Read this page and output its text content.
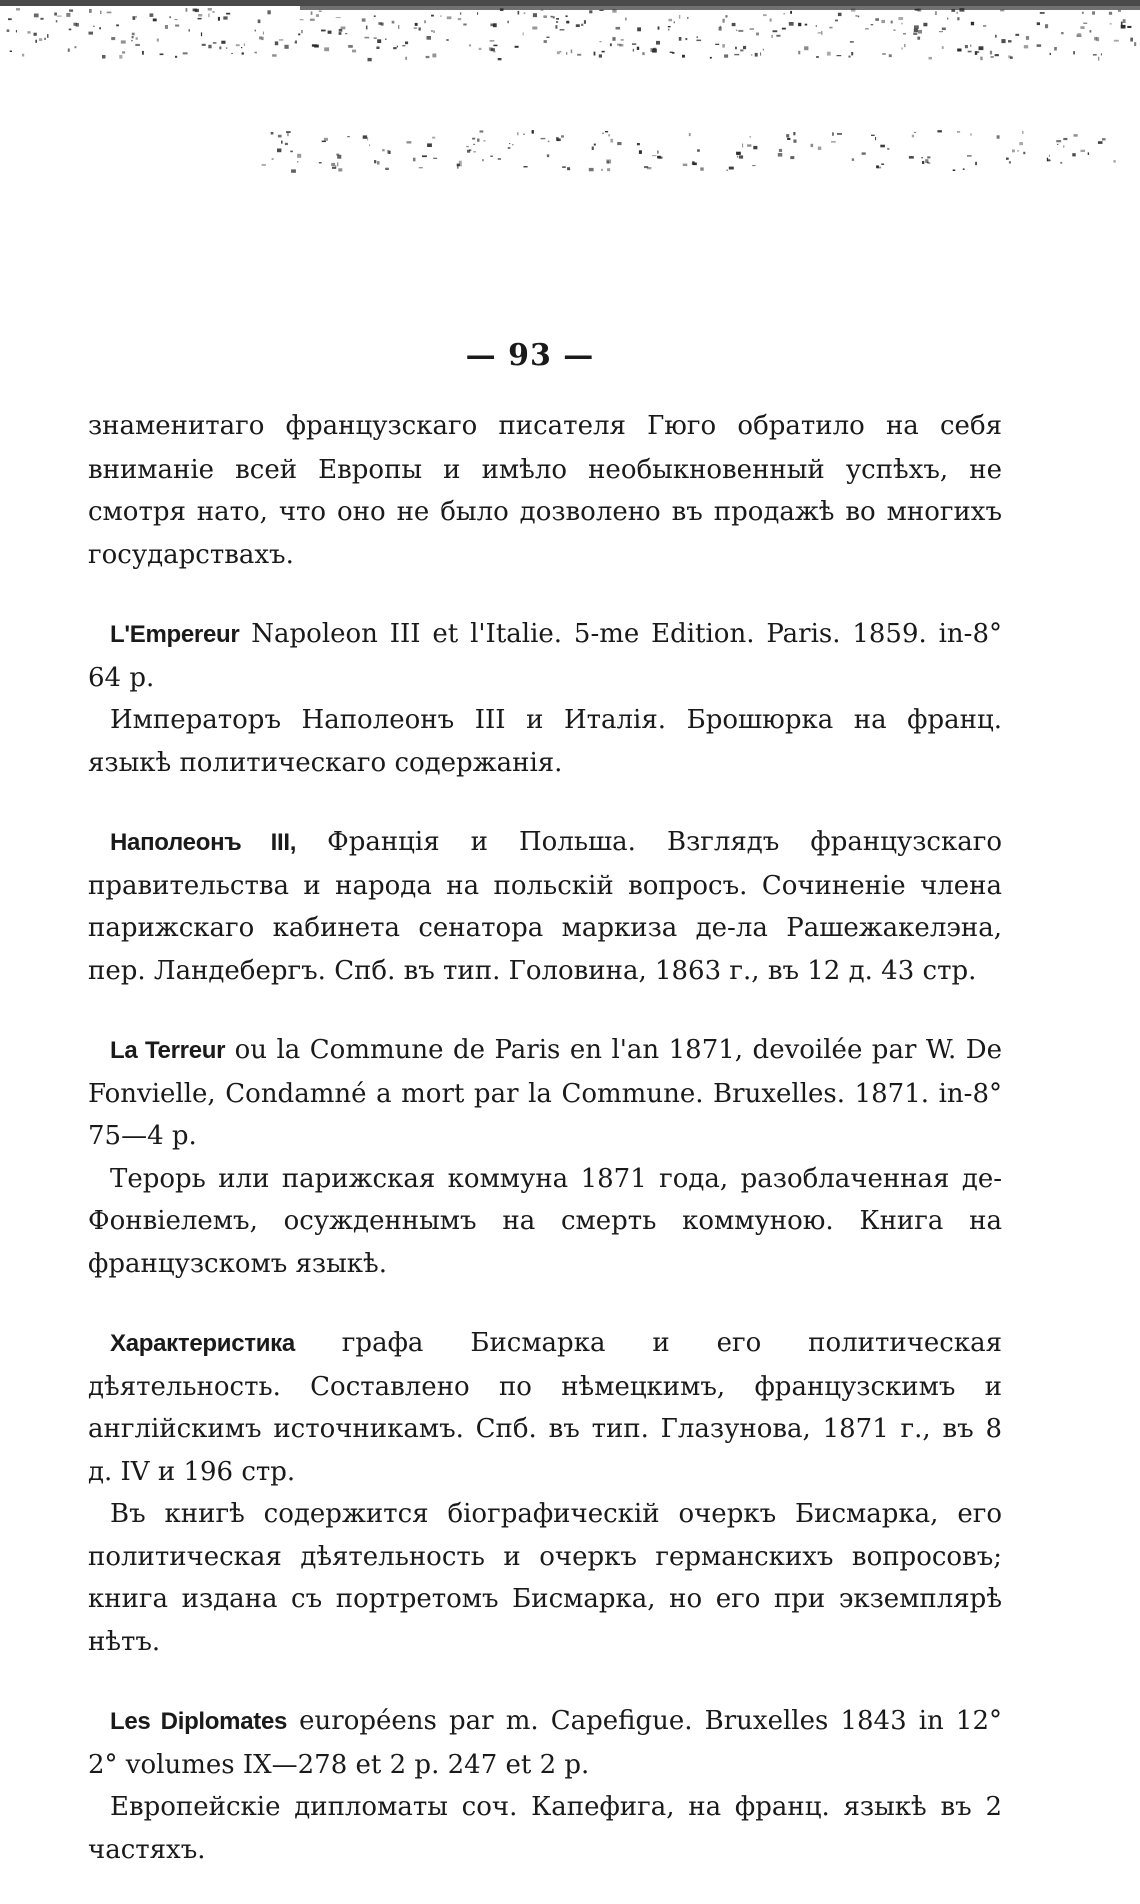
— 93 —

знаменитаго французскаго писателя Гюго обратило на себя вниманіе всей Европы и имѣло необыкновенный успѣхъ, не смотря нато, что оно не было дозволено въ продажѣ во многихъ государствахъ.

L'Empereur Napoleon III et l'Italie. 5-me Edition. Paris. 1859. in-8° 64 p.

Императоръ Наполеонъ III и Италія. Брошюрка на франц. языкѣ политическаго содержанія.

Наполеонъ III, Франція и Польша. Взглядъ французскаго правительства и народа на польскій вопросъ. Сочиненіе члена парижскаго кабинета сенатора маркиза де-ла Рашежакелэна, пер. Ландебергъ. Спб. въ тип. Головина, 1863 г., въ 12 д. 43 стр.

La Terreur ou la Commune de Paris en l'an 1871, devoilée par W. De Fonvielle, Condamné a mort par la Commune. Bruxelles. 1871. in-8° 75—4 p.

Терорь или парижская коммуна 1871 года, разоблаченная де-Фонвіелемъ, осужденнымъ на смерть коммуною. Книга на французскомъ языкѣ.

Характеристика графа Бисмарка и его политическая дѣятельность. Составлено по нѣмецкимъ, французскимъ и англійскимъ источникамъ. Спб. въ тип. Глазунова, 1871 г., въ 8 д. IV и 196 стр.

Въ книгѣ содержится біографическій очеркъ Бисмарка, его политическая дѣятельность и очеркъ германскихъ вопросовъ; книга издана съ портретомъ Бисмарка, но его при экземплярѣ нѣтъ.

Les Diplomates européens par m. Capefigue. Bruxelles 1843 in 12° 2° volumes IX—278 et 2 p. 247 et 2 p.

Европейскіе дипломаты соч. Капефига, на франц. языкѣ въ 2 частяхъ.
